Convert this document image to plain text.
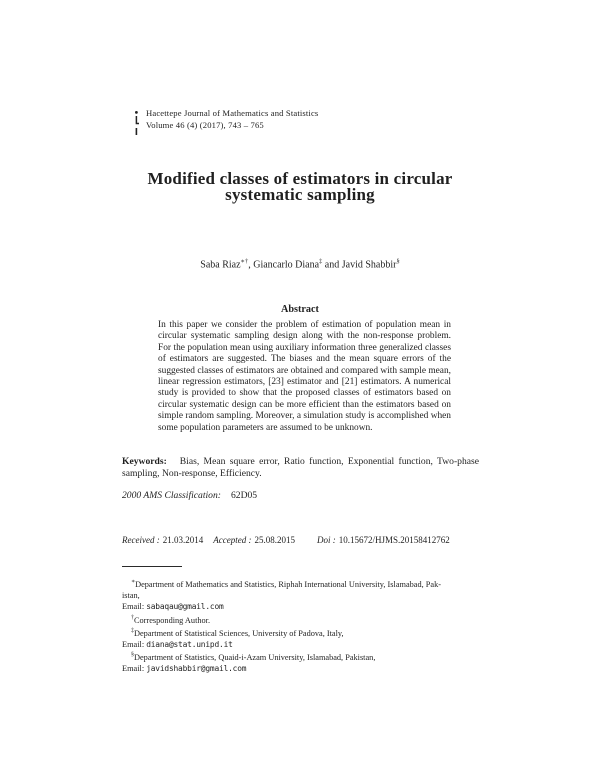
Hacettepe Journal of Mathematics and Statistics
Volume 46 (4) (2017), 743 – 765
Modified classes of estimators in circular
systematic sampling
Saba Riaz∗†, Giancarlo Diana‡ and Javid Shabbir§
Abstract
In this paper we consider the problem of estimation of population mean in circular systematic sampling design along with the non-response problem. For the population mean using auxiliary information three generalized classes of estimators are suggested. The biases and the mean square errors of the suggested classes of estimators are obtained and compared with sample mean, linear regression estimators, [23] estimator and [21] estimators. A numerical study is provided to show that the proposed classes of estimators based on circular systematic design can be more efficient than the estimators based on simple random sampling. Moreover, a simulation study is accomplished when some population parameters are assumed to be unknown.
Keywords: Bias, Mean square error, Ratio function, Exponential function, Two-phase sampling, Non-response, Efficiency.
2000 AMS Classification: 62D05
Received : 21.03.2014 Accepted : 25.08.2015 Doi : 10.15672/HJMS.20158412762
∗Department of Mathematics and Statistics, Riphah International University, Islamabad, Pak-
istan,
Email: sabaqau@gmail.com
†Corresponding Author.
‡Department of Statistical Sciences, University of Padova, Italy,
Email: diana@stat.unipd.it
§Department of Statistics, Quaid-i-Azam University, Islamabad, Pakistan,
Email: javidshabbir@gmail.com
